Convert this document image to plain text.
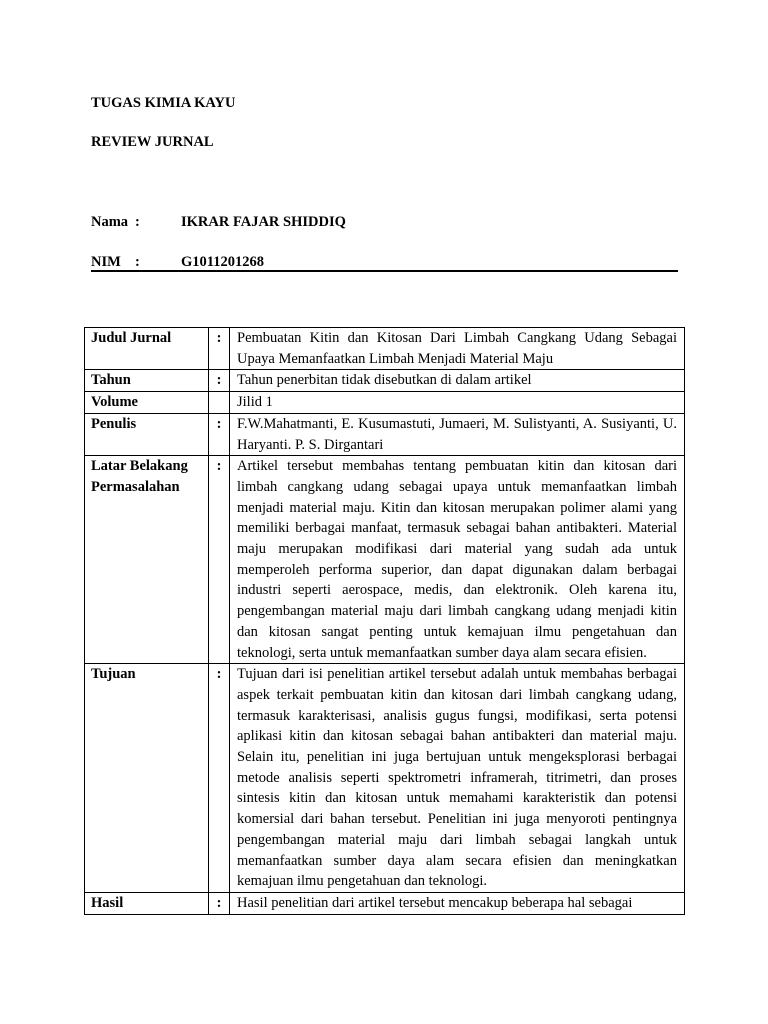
TUGAS KIMIA KAYU
REVIEW JURNAL
Nama :	IKRAR FAJAR SHIDDIQ
NIM :	G1011201268
Judul Jurnal	:	Pembuatan Kitin dan Kitosan Dari Limbah Cangkang Udang Sebagai Upaya Memanfaatkan Limbah Menjadi Material Maju
Tahun	:	Tahun penerbitan tidak disebutkan di dalam artikel
Volume		Jilid 1
Penulis	:	F.W.Mahatmanti, E. Kusumastuti, Jumaeri, M. Sulistyanti, A. Susiyanti, U. Haryanti. P. S. Dirgantari
Latar Belakang Permasalahan	:	Artikel tersebut membahas tentang pembuatan kitin dan kitosan dari limbah cangkang udang sebagai upaya untuk memanfaatkan limbah menjadi material maju. Kitin dan kitosan merupakan polimer alami yang memiliki berbagai manfaat, termasuk sebagai bahan antibakteri. Material maju merupakan modifikasi dari material yang sudah ada untuk memperoleh performa superior, dan dapat digunakan dalam berbagai industri seperti aerospace, medis, dan elektronik. Oleh karena itu, pengembangan material maju dari limbah cangkang udang menjadi kitin dan kitosan sangat penting untuk kemajuan ilmu pengetahuan dan teknologi, serta untuk memanfaatkan sumber daya alam secara efisien.
Tujuan	:	Tujuan dari isi penelitian artikel tersebut adalah untuk membahas berbagai aspek terkait pembuatan kitin dan kitosan dari limbah cangkang udang, termasuk karakterisasi, analisis gugus fungsi, modifikasi, serta potensi aplikasi kitin dan kitosan sebagai bahan antibakteri dan material maju. Selain itu, penelitian ini juga bertujuan untuk mengeksplorasi berbagai metode analisis seperti spektrometri inframerah, titrimetri, dan proses sintesis kitin dan kitosan untuk memahami karakteristik dan potensi komersial dari bahan tersebut. Penelitian ini juga menyoroti pentingnya pengembangan material maju dari limbah sebagai langkah untuk memanfaatkan sumber daya alam secara efisien dan meningkatkan kemajuan ilmu pengetahuan dan teknologi.
Hasil	:	Hasil penelitian dari artikel tersebut mencakup beberapa hal sebagai
